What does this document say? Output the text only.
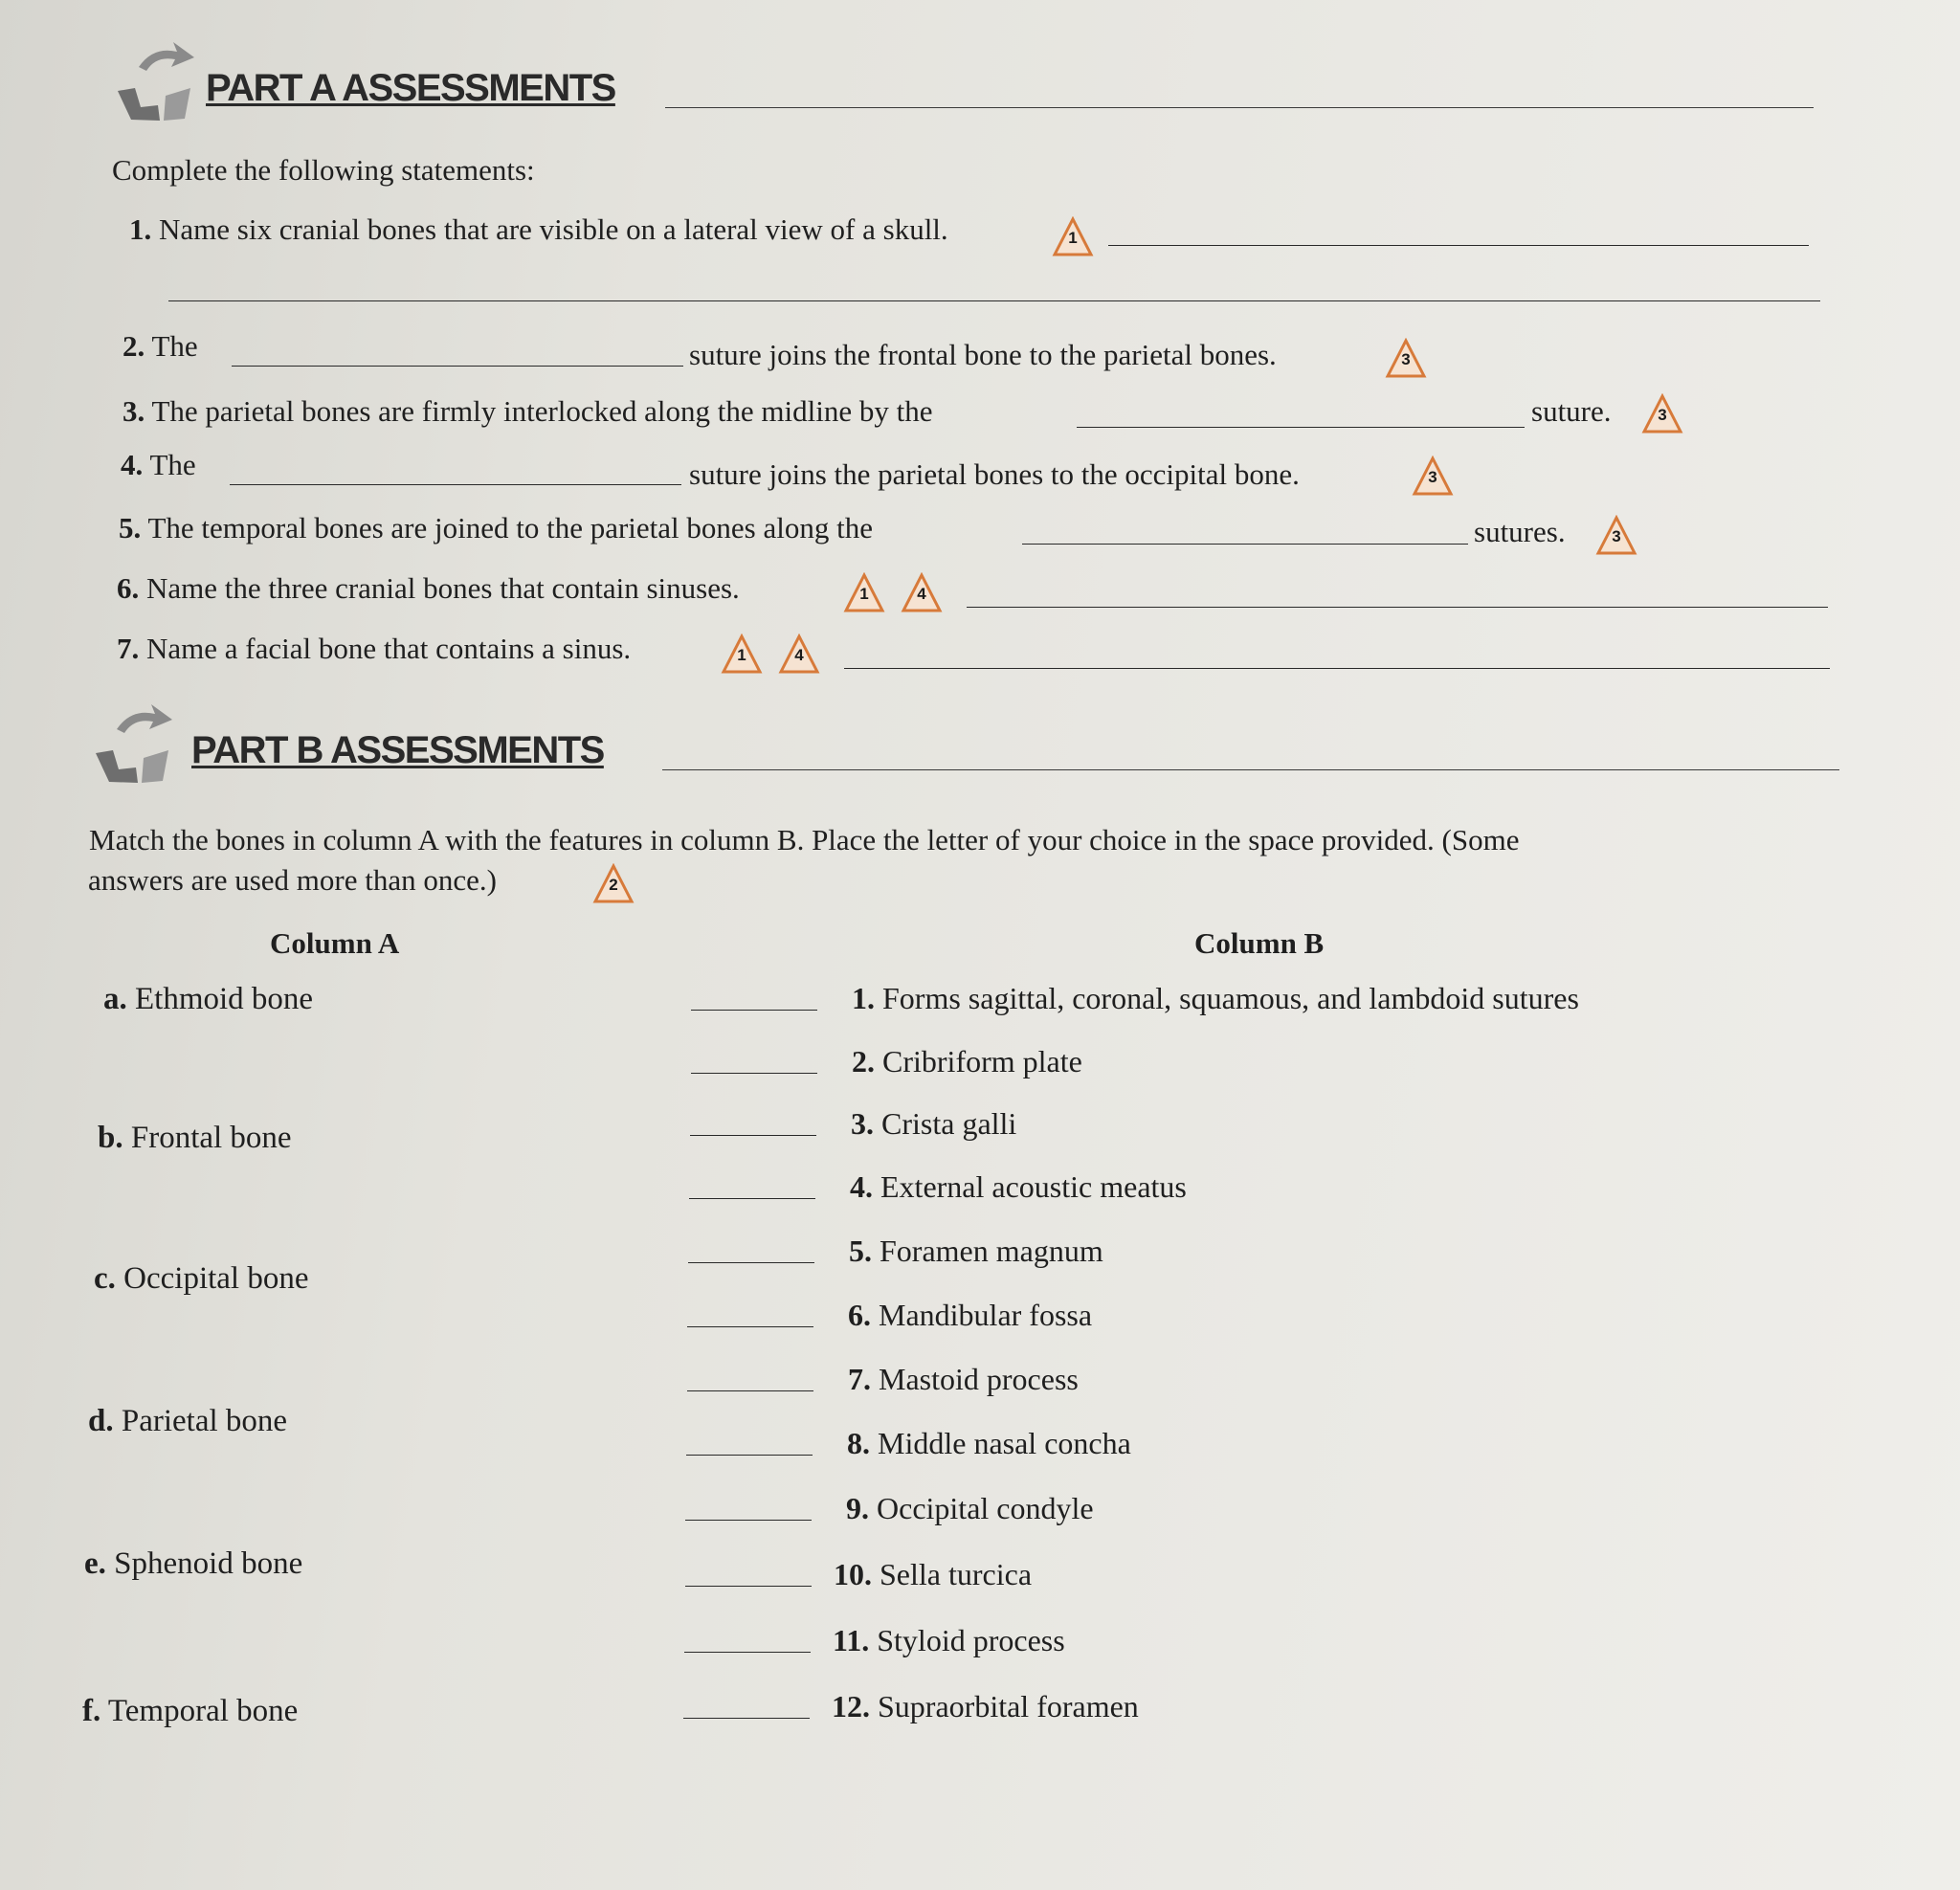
PART A ASSESSMENTS
Complete the following statements:
1. Name six cranial bones that are visible on a lateral view of a skull.	1
2. The	suture joins the frontal bone to the parietal bones.	3
3. The parietal bones are firmly interlocked along the midline by the	suture.	3
4. The	suture joins the parietal bones to the occipital bone.	3
5. The temporal bones are joined to the parietal bones along the	sutures.	3
6. Name the three cranial bones that contain sinuses.	1	4
7. Name a facial bone that contains a sinus.	1	4
PART B ASSESSMENTS
Match the bones in column A with the features in column B. Place the letter of your choice in the space provided. (Some
answers are used more than once.)	2
Column A	Column B
a. Ethmoid bone
b. Frontal bone
c. Occipital bone
d. Parietal bone
e. Sphenoid bone
f. Temporal bone
1. Forms sagittal, coronal, squamous, and lambdoid sutures
2. Cribriform plate
3. Crista galli
4. External acoustic meatus
5. Foramen magnum
6. Mandibular fossa
7. Mastoid process
8. Middle nasal concha
9. Occipital condyle
10. Sella turcica
11. Styloid process
12. Supraorbital foramen
